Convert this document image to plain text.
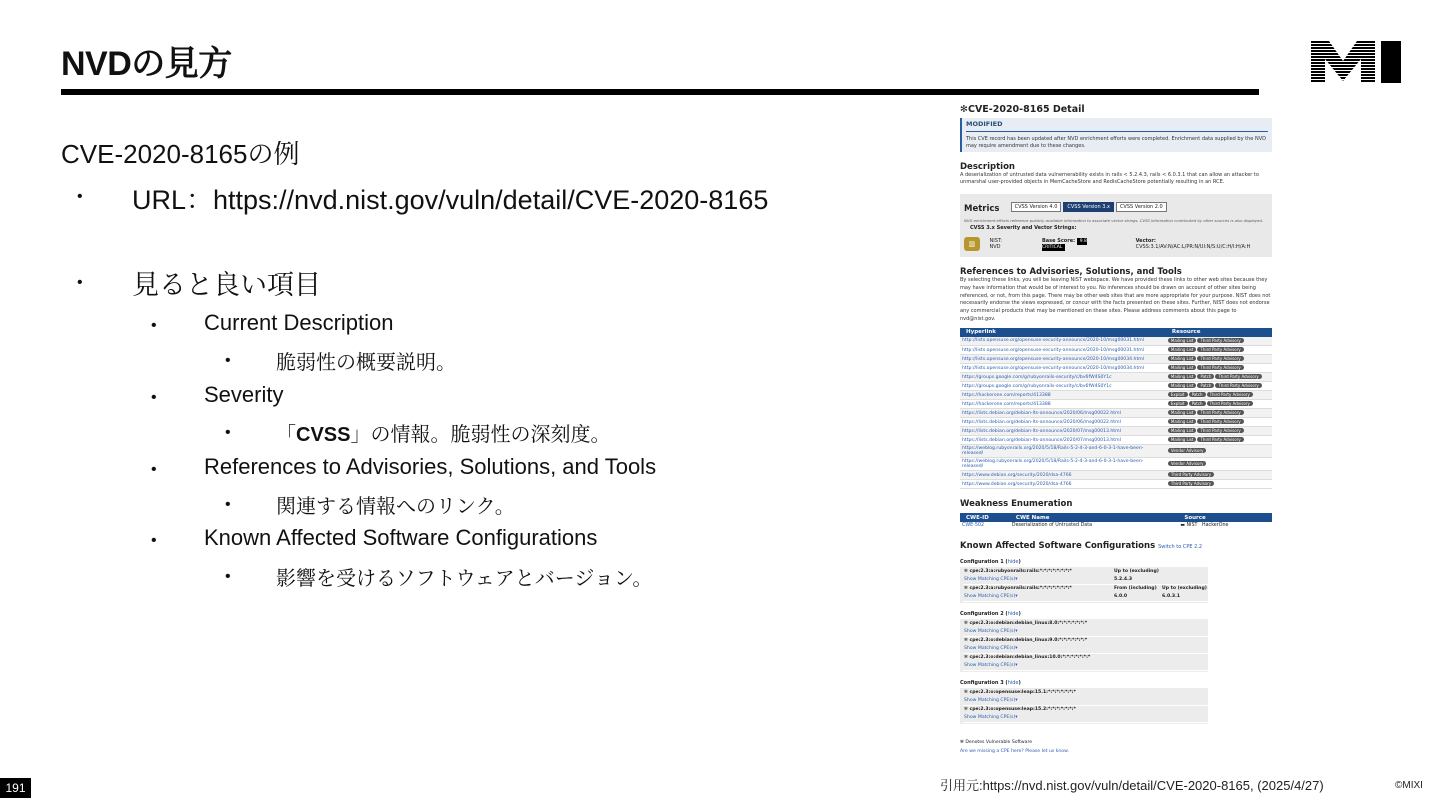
NVDの見方
CVE-2020-8165の例
• URL：https://nvd.nist.gov/vuln/detail/CVE-2020-8165
• 見ると良い項目
• Current Description
• 脆弱性の概要説明。
• Severity
• 「CVSS」の情報。脆弱性の深刻度。
• References to Advisories, Solutions, and Tools
• 関連する情報へのリンク。
• Known Affected Software Configurations
• 影響を受けるソフトウェアとバージョン。
✻CVE-2020-8165 Detail
MODIFIED
This CVE record has been updated after NVD enrichment efforts were completed. Enrichment data supplied by the NVD may require amendment due to these changes.
Description
A deserialization of untrusted data vulnernerability exists in rails < 5.2.4.3, rails < 6.0.3.1 that can allow an attacker to unmarshal user-provided objects in MemCacheStore and RedisCacheStore potentially resulting in an RCE.
Metrics	CVSS Version 4.0	CVSS Version 3.x	CVSS Version 2.0
NVD enrichment efforts reference publicly available information to associate vector strings. CVSS information contributed by other sources is also displayed.
CVSS 3.x Severity and Vector Strings:
▥	NIST: NVD
Base Score: 9.8 CRITICAL
Vector: CVSS:3.1/AV:N/AC:L/PR:N/UI:N/S:U/C:H/I:H/A:H
References to Advisories, Solutions, and Tools
By selecting these links, you will be leaving NIST webspace. We have provided these links to other web sites because they may have information that would be of interest to you. No inferences should be drawn on account of other sites being referenced, or not, from this page. There may be other web sites that are more appropriate for your purpose. NIST does not necessarily endorse the views expressed, or concur with the facts presented on these sites. Further, NIST does not endorse any commercial products that may be mentioned on these sites. Please address comments about this page to nvd@nist.gov.
Hyperlink	Resource
http://lists.opensuse.org/opensuse-security-announce/2020-10/msg00031.html	Mailing List Third Party Advisory
http://lists.opensuse.org/opensuse-security-announce/2020-10/msg00031.html	Mailing List Third Party Advisory
http://lists.opensuse.org/opensuse-security-announce/2020-10/msg00034.html	Mailing List Third Party Advisory
http://lists.opensuse.org/opensuse-security-announce/2020-10/msg00034.html	Mailing List Third Party Advisory
https://groups.google.com/g/rubyonrails-security/c/bv6fW4S0Y1c	Mailing List Patch Third Party Advisory
https://groups.google.com/g/rubyonrails-security/c/bv6fW4S0Y1c	Mailing List Patch Third Party Advisory
https://hackerone.com/reports/413388	Exploit Patch Third Party Advisory
https://hackerone.com/reports/413388	Exploit Patch Third Party Advisory
https://lists.debian.org/debian-lts-announce/2020/06/msg00022.html	Mailing List Third Party Advisory
https://lists.debian.org/debian-lts-announce/2020/06/msg00022.html	Mailing List Third Party Advisory
https://lists.debian.org/debian-lts-announce/2020/07/msg00013.html	Mailing List Third Party Advisory
https://lists.debian.org/debian-lts-announce/2020/07/msg00013.html	Mailing List Third Party Advisory
https://weblog.rubyonrails.org/2020/5/18/Rails-5-2-4-3-and-6-0-3-1-have-been-released/	Vendor Advisory
https://weblog.rubyonrails.org/2020/5/18/Rails-5-2-4-3-and-6-0-3-1-have-been-released/	Vendor Advisory
https://www.debian.org/security/2020/dsa-4766	Third Party Advisory
https://www.debian.org/security/2020/dsa-4766	Third Party Advisory
Weakness Enumeration
CWE-ID	CWE Name	Source
CWE-502	Deserialization of Untrusted Data	▬ NIST HackerOne
Known Affected Software Configurations Switch to CPE 2.2
Configuration 1 (hide)
✻ cpe:2.3:a:rubyonrails:rails:*:*:*:*:*:*:*:*
Show Matching CPE(s)▾
Up to (excluding) 5.2.4.3
✻ cpe:2.3:a:rubyonrails:rails:*:*:*:*:*:*:*:*
Show Matching CPE(s)▾
From (including) 6.0.0
Up to (excluding) 6.0.3.1
Configuration 2 (hide)
✻ cpe:2.3:o:debian:debian_linux:8.0:*:*:*:*:*:*:*
Show Matching CPE(s)▾
✻ cpe:2.3:o:debian:debian_linux:9.0:*:*:*:*:*:*:*
Show Matching CPE(s)▾
✻ cpe:2.3:o:debian:debian_linux:10.0:*:*:*:*:*:*:*
Show Matching CPE(s)▾
Configuration 3 (hide)
✻ cpe:2.3:o:opensuse:leap:15.1:*:*:*:*:*:*:*
Show Matching CPE(s)▾
✻ cpe:2.3:o:opensuse:leap:15.2:*:*:*:*:*:*:*
Show Matching CPE(s)▾
✻ Denotes Vulnerable Software
Are we missing a CPE here? Please let us know.
191	引用元:https://nvd.nist.gov/vuln/detail/CVE-2020-8165, (2025/4/27)	©MIXI
